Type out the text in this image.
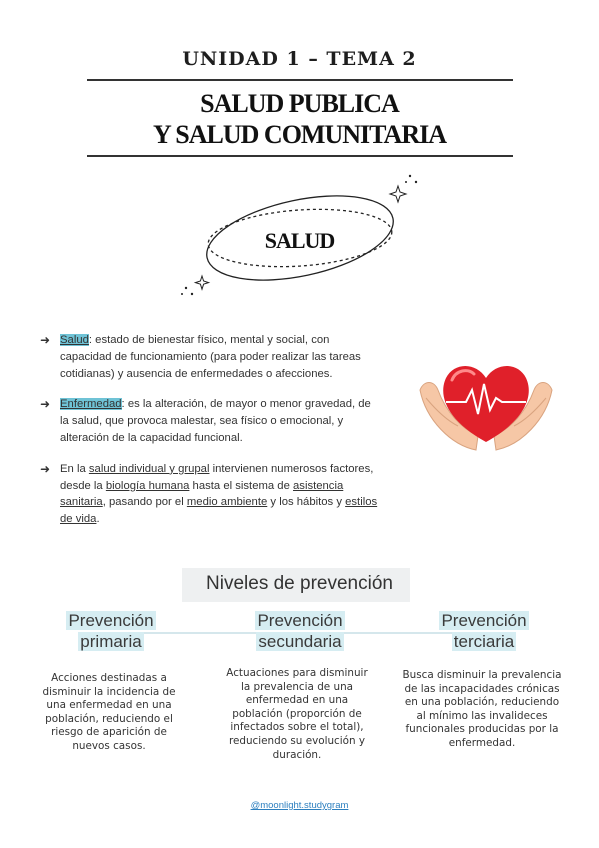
UNIDAD 1 – TEMA 2
SALUD PUBLICA
Y SALUD COMUNITARIA
SALUD
➜ Salud: estado de bienestar físico, mental y social, con capacidad de funcionamiento (para poder realizar las tareas cotidianas) y ausencia de enfermedades o afecciones.
➜ Enfermedad: es la alteración, de mayor o menor gravedad, de la salud, que provoca malestar, sea físico o emocional, y alteración de la capacidad funcional.
➜ En la salud individual y grupal intervienen numerosos factores, desde la biología humana hasta el sistema de asistencia sanitaria, pasando por el medio ambiente y los hábitos y estilos de vida.
Niveles de prevención
Prevención
primaria
Prevención
secundaria
Prevención
terciaria
Acciones destinadas a disminuir la incidencia de una enfermedad en una población, reduciendo el riesgo de aparición de nuevos casos.
Actuaciones para disminuir la prevalencia de una enfermedad en una población (proporción de infectados sobre el total), reduciendo su evolución y duración.
Busca disminuir la prevalencia de las incapacidades crónicas en una población, reduciendo al mínimo las invalideces funcionales producidas por la enfermedad.
@moonlight.studygram
